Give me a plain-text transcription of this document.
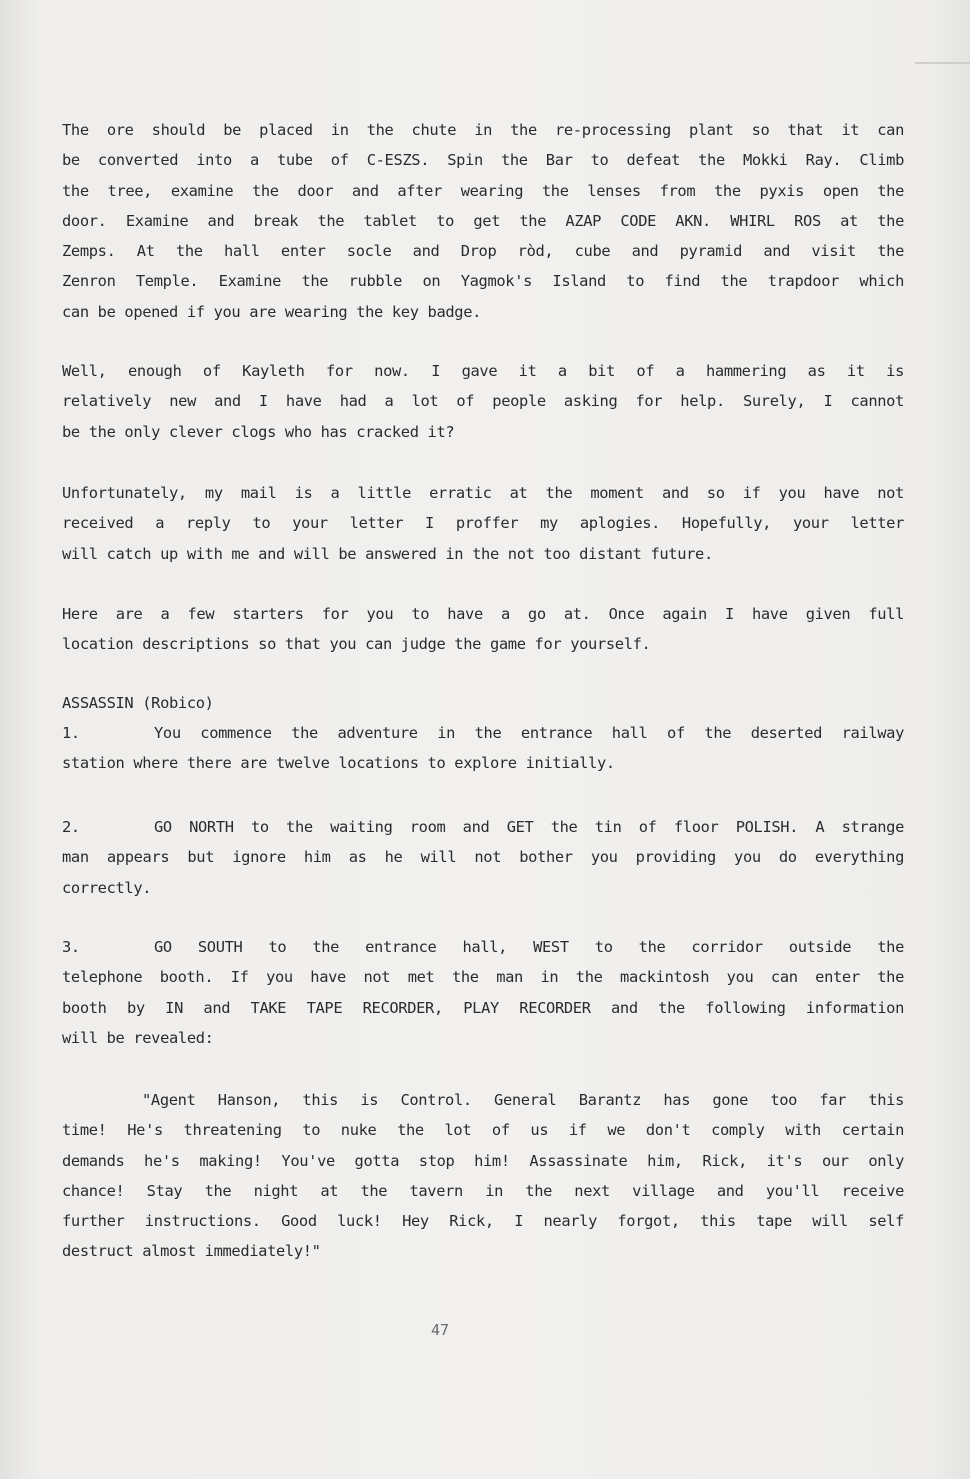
The ore should be placed in the chute in the re-processing plant so that it can
be converted into a tube of C-ESZS. Spin the Bar to defeat the Mokki Ray. Climb
the tree, examine the door and after wearing the lenses from the pyxis open the
door. Examine and break the tablet to get the AZAP CODE AKN. WHIRL ROS at the
Zemps. At the hall enter socle and Drop ròd, cube and pyramid and visit the
Zenron Temple. Examine the rubble on Yagmok's Island to find the trapdoor which
can be opened if you are wearing the key badge.
Well, enough of Kayleth for now. I gave it a bit of a hammering as it is
relatively new and I have had a lot of people asking for help. Surely, I cannot
be the only clever clogs who has cracked it?
Unfortunately, my mail is a little erratic at the moment and so if you have not
received a reply to your letter I proffer my aplogies. Hopefully, your letter
will catch up with me and will be answered in the not too distant future.
Here are a few starters for you to have a go at. Once again I have given full
location descriptions so that you can judge the game for yourself.
ASSASSIN (Robico)
1.	You commence the adventure in the entrance hall of the deserted railway
station where there are twelve locations to explore initially.
2.	GO NORTH to the waiting room and GET the tin of floor POLISH. A strange
man appears but ignore him as he will not bother you providing you do everything
correctly.
3.	GO SOUTH to the entrance hall, WEST to the corridor outside the
telephone booth. If you have not met the man in the mackintosh you can enter the
booth by IN and TAKE TAPE RECORDER, PLAY RECORDER and the following information
will be revealed:
"Agent Hanson, this is Control. General Barantz has gone too far this
time! He's threatening to nuke the lot of us if we don't comply with certain
demands he's making! You've gotta stop him! Assassinate him, Rick, it's our only
chance! Stay the night at the tavern in the next village and you'll receive
further instructions. Good luck! Hey Rick, I nearly forgot, this tape will self
destruct almost immediately!"
47
